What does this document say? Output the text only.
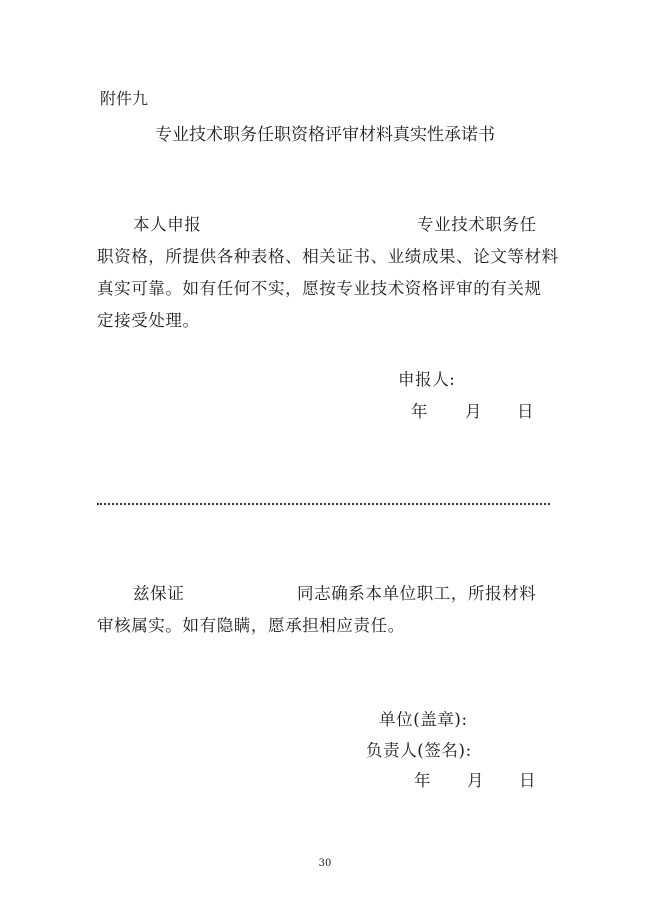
附件九
专业技术职务任职资格评审材料真实性承诺书
本人申报	专业技术职务任
职资格，所提供各种表格、相关证书、业绩成果、论文等材料
真实可靠。如有任何不实，愿按专业技术资格评审的有关规
定接受处理。
申报人:
年 月 日
兹保证	同志确系本单位职工，所报材料
审核属实。如有隐瞒，愿承担相应责任。
单位(盖章):
负责人(签名):
年 月 日
30
